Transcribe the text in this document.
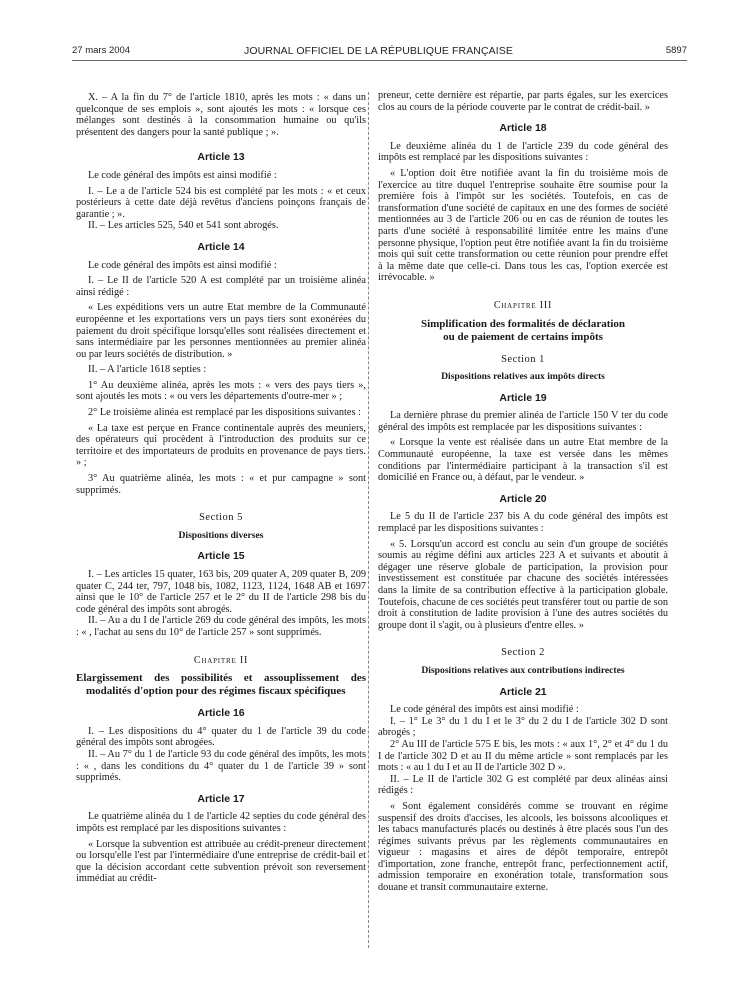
27 mars 2004	JOURNAL OFFICIEL DE LA RÉPUBLIQUE FRANÇAISE	5897

X. – A la fin du 7° de l'article 1810, après les mots : « dans un quelconque de ses emplois », sont ajoutés les mots : « lorsque ces mélanges sont destinés à la consommation humaine ou qu'ils présentent des dangers pour la santé publique ; ».

Article 13

Le code général des impôts est ainsi modifié :

I. – Le a de l'article 524 bis est complété par les mots : « et ceux postérieurs à cette date déjà revêtus d'anciens poinçons français de garantie ; ».

II. – Les articles 525, 540 et 541 sont abrogés.

Article 14

Le code général des impôts est ainsi modifié :

I. – Le II de l'article 520 A est complété par un troisième alinéa ainsi rédigé :

« Les expéditions vers un autre Etat membre de la Communauté européenne et les exportations vers un pays tiers sont exonérées du paiement du droit spécifique lorsqu'elles sont réalisées directement et sans intermédiaire par les personnes mentionnées au premier alinéa ou par leurs sociétés de distribution. »

II. – A l'article 1618 septies :

1° Au deuxième alinéa, après les mots : « vers des pays tiers », sont ajoutés les mots : « ou vers les départements d'outre-mer » ;

2° Le troisième alinéa est remplacé par les dispositions suivantes :

« La taxe est perçue en France continentale auprès des meuniers, des opérateurs qui procèdent à l'introduction des produits sur ce territoire et des importateurs de produits en provenance de pays tiers. » ;

3° Au quatrième alinéa, les mots : « et pur campagne » sont supprimés.

Section 5
Dispositions diverses
Article 15

I. – Les articles 15 quater, 163 bis, 209 quater A, 209 quater B, 209 quater C, 244 ter, 797, 1048 bis, 1082, 1123, 1124, 1648 AB et 1697 ainsi que le 10° de l'article 257 et le 2° du II de l'article 298 bis du code général des impôts sont abrogés.

II. – Au a du I de l'article 269 du code général des impôts, les mots : « , l'achat au sens du 10° de l'article 257 » sont supprimés.

Chapitre II
Elargissement des possibilités et assouplissement des modalités d'option pour des régimes fiscaux spécifiques
Article 16

I. – Les dispositions du 4° quater du 1 de l'article 39 du code général des impôts sont abrogées.

II. – Au 7° du 1 de l'article 93 du code général des impôts, les mots : « , dans les conditions du 4° quater du 1 de l'article 39 » sont supprimés.

Article 17

Le quatrième alinéa du 1 de l'article 42 septies du code général des impôts est remplacé par les dispositions suivantes :

« Lorsque la subvention est attribuée au crédit-preneur directement ou lorsqu'elle l'est par l'intermédiaire d'une entreprise de crédit-bail et que la décision accordant cette subvention prévoit son reversement immédiat au crédit-

preneur, cette dernière est répartie, par parts égales, sur les exercices clos au cours de la période couverte par le contrat de crédit-bail. »

Article 18

Le deuxième alinéa du 1 de l'article 239 du code général des impôts est remplacé par les dispositions suivantes :

« L'option doit être notifiée avant la fin du troisième mois de l'exercice au titre duquel l'entreprise souhaite être soumise pour la première fois à l'impôt sur les sociétés. Toutefois, en cas de transformation d'une société de capitaux en une des formes de société mentionnées au 3 de l'article 206 ou en cas de réunion de toutes les parts d'une société à responsabilité limitée entre les mains d'une personne physique, l'option peut être notifiée avant la fin du troisième mois qui suit cette transformation ou cette réunion pour prendre effet à la même date que celle-ci. Dans tous les cas, l'option exercée est irrévocable. »

Chapitre III
Simplification des formalités de déclaration
ou de paiement de certains impôts
Section 1
Dispositions relatives aux impôts directs
Article 19

La dernière phrase du premier alinéa de l'article 150 V ter du code général des impôts est remplacée par les dispositions suivantes :

« Lorsque la vente est réalisée dans un autre Etat membre de la Communauté européenne, la taxe est versée dans les mêmes conditions par l'intermédiaire participant à la transaction s'il est domicilié en France ou, à défaut, par le vendeur. »

Article 20

Le 5 du II de l'article 237 bis A du code général des impôts est remplacé par les dispositions suivantes :

« 5. Lorsqu'un accord est conclu au sein d'un groupe de sociétés soumis au régime défini aux articles 223 A et suivants et aboutit à dégager une réserve globale de participation, la provision pour investissement est constituée par chacune des sociétés intéressées dans la limite de sa contribution effective à la participation globale. Toutefois, chacune de ces sociétés peut transférer tout ou partie de son droit à constitution de ladite provision à l'une des autres sociétés du groupe dont il s'agit, ou à plusieurs d'entre elles. »

Section 2
Dispositions relatives aux contributions indirectes
Article 21

Le code général des impôts est ainsi modifié :

I. – 1° Le 3° du 1 du I et le 3° du 2 du I de l'article 302 D sont abrogés ;

2° Au III de l'article 575 E bis, les mots : « aux 1°, 2° et 4° du 1 du I de l'article 302 D et au II du même article » sont remplacés par les mots : « au 1 du I et au II de l'article 302 D ».

II. – Le II de l'article 302 G est complété par deux alinéas ainsi rédigés :

« Sont également considérés comme se trouvant en régime suspensif des droits d'accises, les alcools, les boissons alcooliques et les tabacs manufacturés placés ou destinés à être placés sous l'un des régimes suivants prévus par les règlements communautaires en vigueur : magasins et aires de dépôt temporaire, entrepôt d'importation, zone franche, entrepôt franc, perfectionnement actif, admission temporaire en exonération totale, transformation sous douane et transit communautaire externe.
